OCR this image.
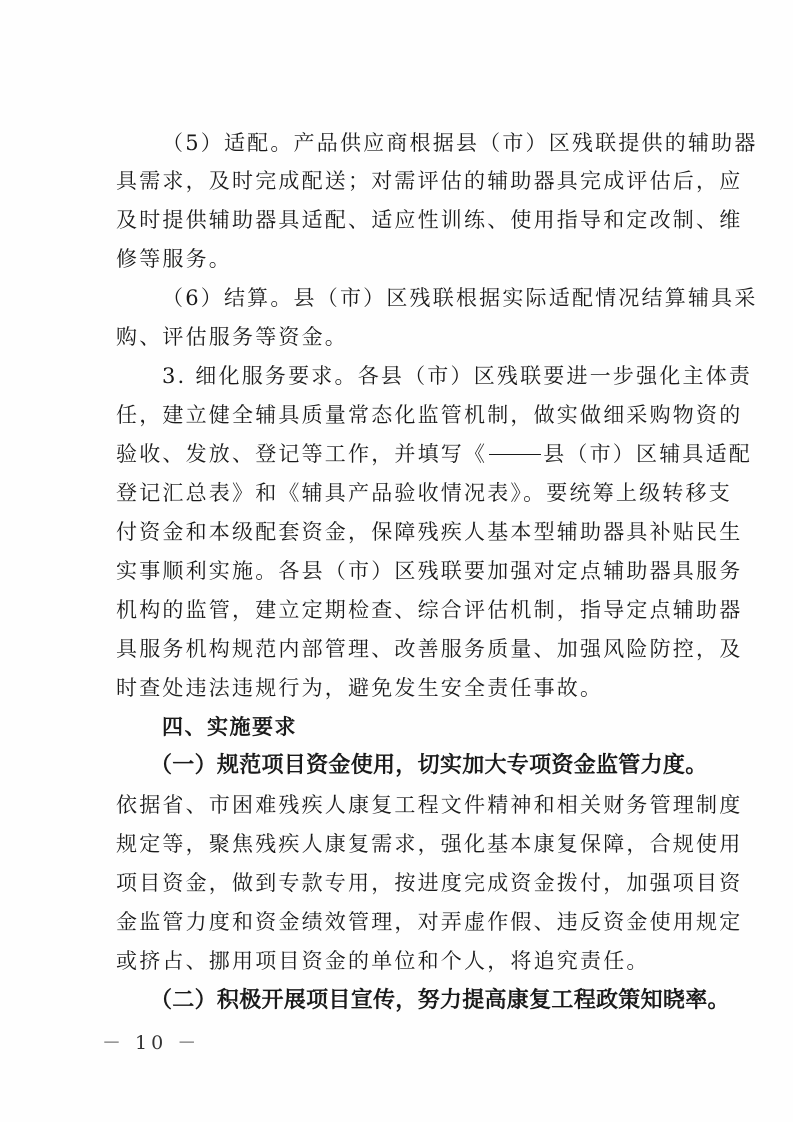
（5）适配。产品供应商根据县（市）区残联提供的辅助器
具需求，及时完成配送；对需评估的辅助器具完成评估后，应
及时提供辅助器具适配、适应性训练、使用指导和定改制、维
修等服务。
（6）结算。县（市）区残联根据实际适配情况结算辅具采
购、评估服务等资金。
3. 细化服务要求。各县（市）区残联要进一步强化主体责
任，建立健全辅具质量常态化监管机制，做实做细采购物资的
验收、发放、登记等工作，并填写《	县（市）区辅具适配
登记汇总表》和《辅具产品验收情况表》。要统筹上级转移支
付资金和本级配套资金，保障残疾人基本型辅助器具补贴民生
实事顺利实施。各县（市）区残联要加强对定点辅助器具服务
机构的监管，建立定期检查、综合评估机制，指导定点辅助器
具服务机构规范内部管理、改善服务质量、加强风险防控，及
时查处违法违规行为，避免发生安全责任事故。
四、实施要求
（一）规范项目资金使用，切实加大专项资金监管力度。
依据省、市困难残疾人康复工程文件精神和相关财务管理制度
规定等，聚焦残疾人康复需求，强化基本康复保障，合规使用
项目资金，做到专款专用，按进度完成资金拨付，加强项目资
金监管力度和资金绩效管理，对弄虚作假、违反资金使用规定
或挤占、挪用项目资金的单位和个人，将追究责任。
（二）积极开展项目宣传，努力提高康复工程政策知晓率。
－ 10 －
